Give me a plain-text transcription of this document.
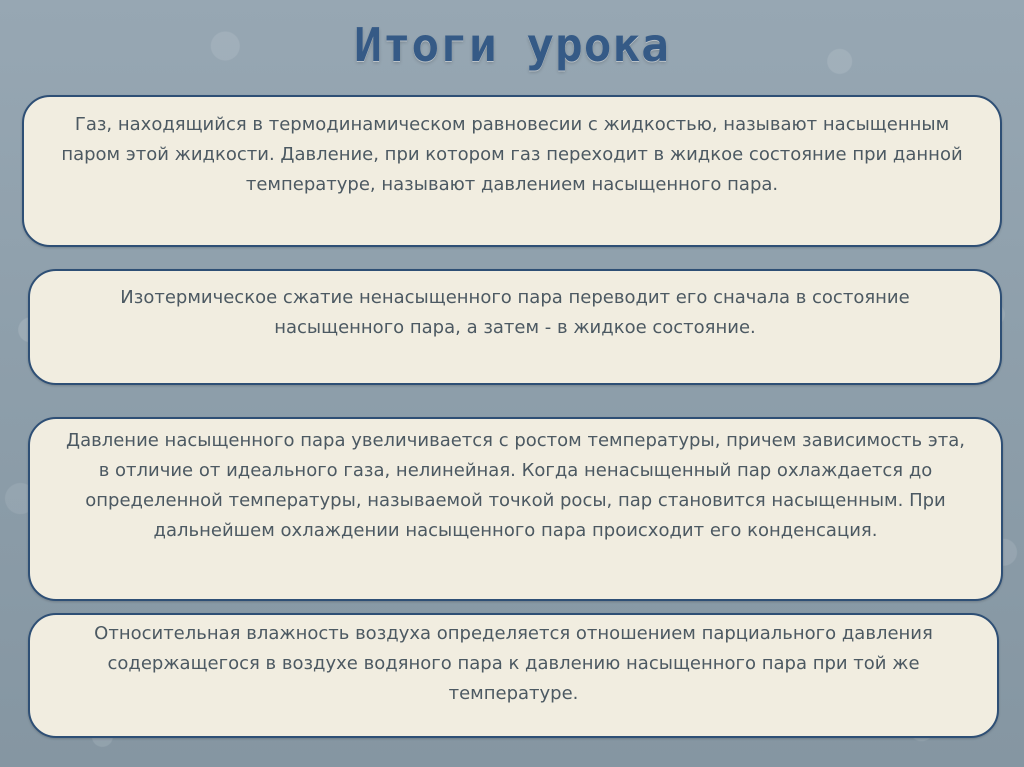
Итоги урока

Газ, находящийся в термодинамическом равновесии с жидкостью, называют насыщенным паром этой жидкости. Давление, при котором газ переходит в жидкое состояние при данной температуре, называют давлением насыщенного пара.

Изотермическое сжатие ненасыщенного пара переводит его сначала в состояние насыщенного пара, а затем - в жидкое состояние.

Давление насыщенного пара увеличивается с ростом температуры, причем зависимость эта, в отличие от идеального газа, нелинейная. Когда ненасыщенный пар охлаждается до определенной температуры, называемой точкой росы, пар становится насыщенным. При дальнейшем охлаждении насыщенного пара происходит его конденсация.

Относительная влажность воздуха определяется отношением парциального давления содержащегося в воздухе водяного пара к давлению насыщенного пара при той же температуре.
